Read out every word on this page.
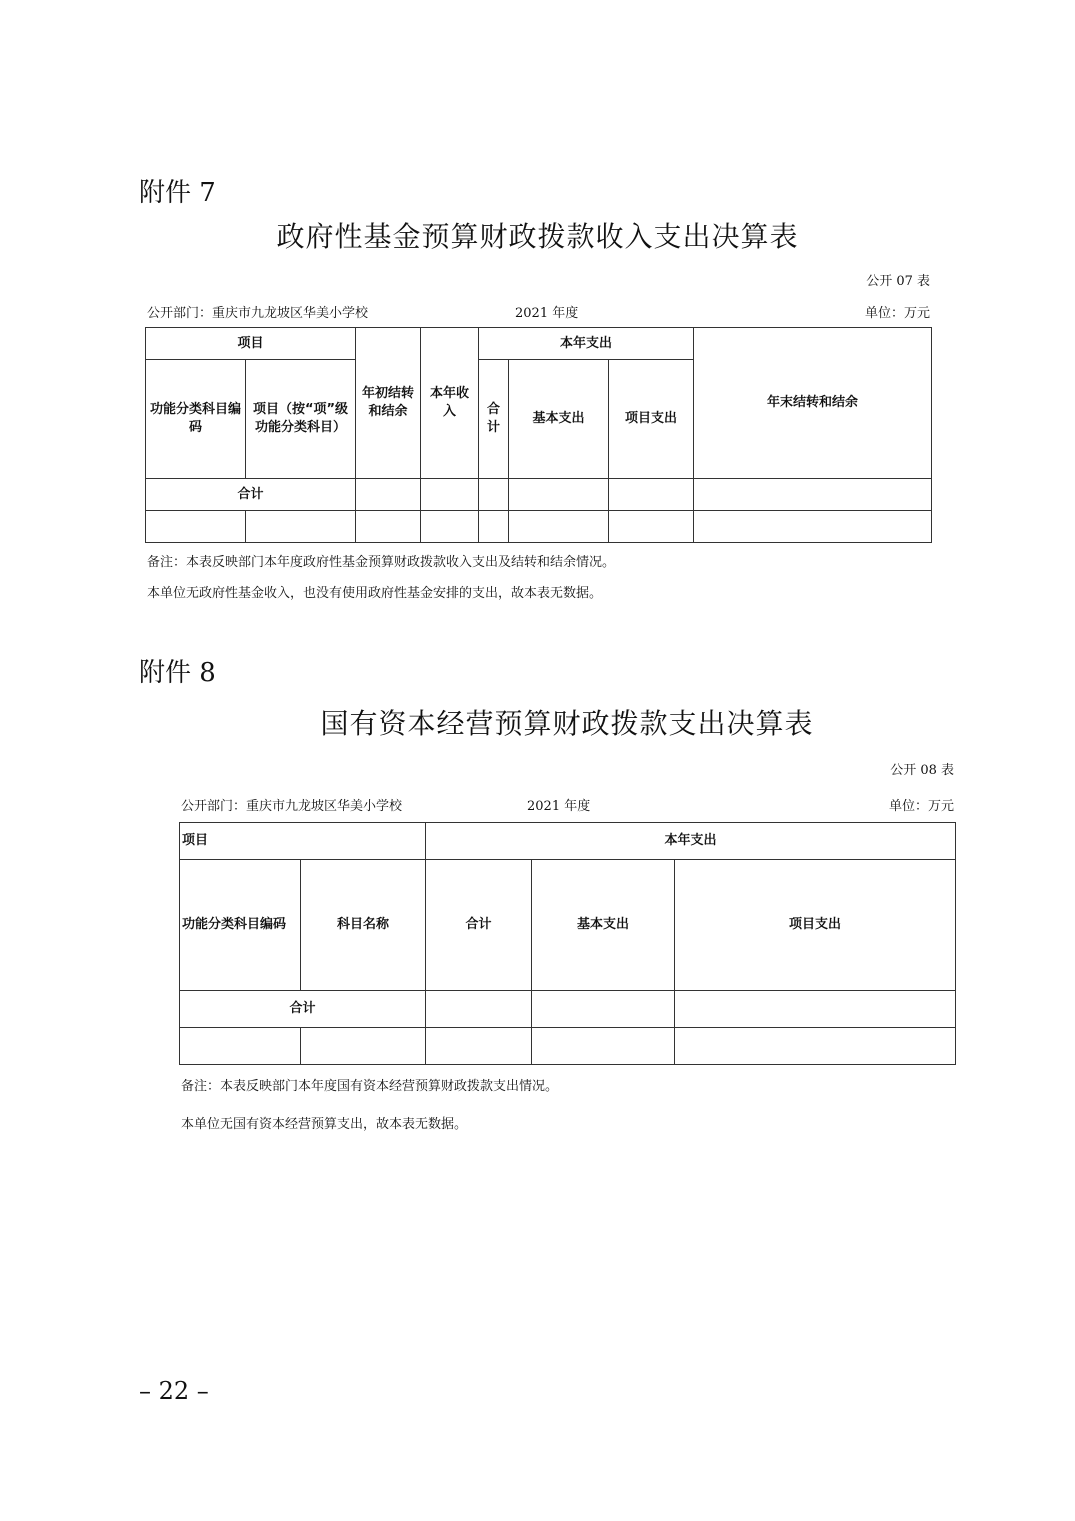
附件 7
政府性基金预算财政拨款收入支出决算表
公开 07 表
公开部门：重庆市九龙坡区华美小学校	2021 年度	单位：万元
项目		年初结转和结余	本年收入	本年支出			年末结转和结余
功能分类科目编码	项目（按“项”级功能分类科目）			合计	基本支出	项目支出	
合计							

备注：本表反映部门本年度政府性基金预算财政拨款收入支出及结转和结余情况。
本单位无政府性基金收入，也没有使用政府性基金安排的支出，故本表无数据。
附件 8
国有资本经营预算财政拨款支出决算表
公开 08 表
公开部门：重庆市九龙坡区华美小学校	2021 年度	单位：万元
项目		本年支出		
功能分类科目编码	科目名称	合计	基本支出	项目支出
合计				

备注：本表反映部门本年度国有资本经营预算财政拨款支出情况。
本单位无国有资本经营预算支出，故本表无数据。
– 22 –
